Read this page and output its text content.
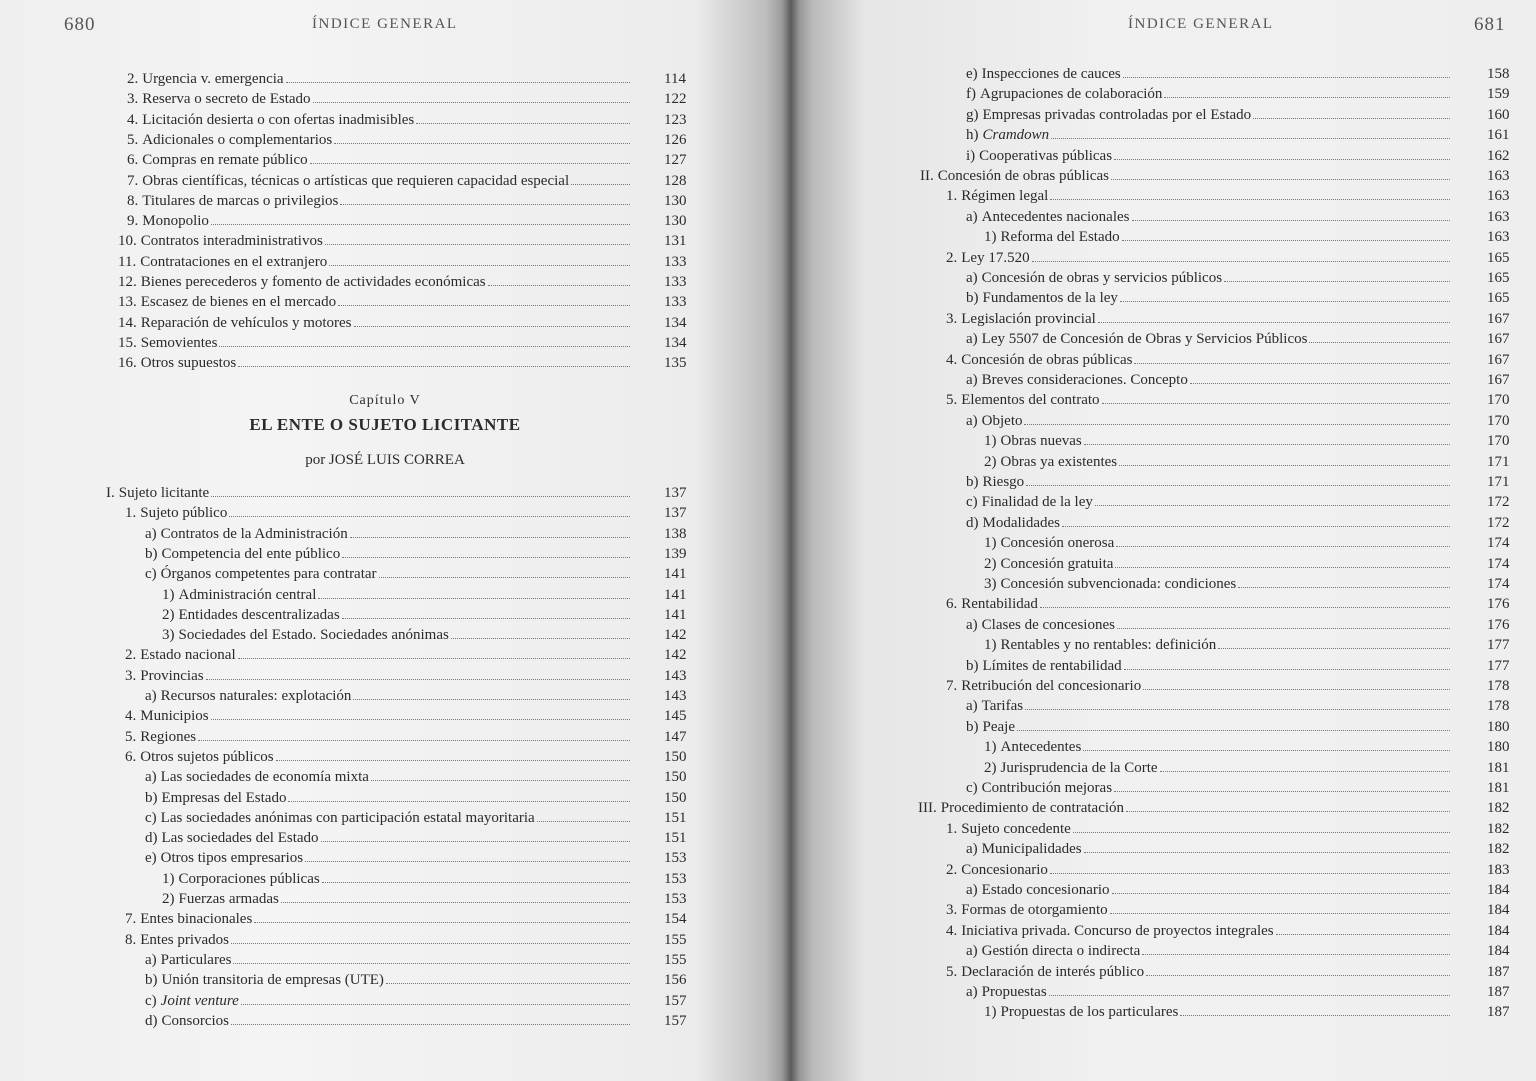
680	ÍNDICE GENERAL
2. Urgencia v. emergencia	114
3. Reserva o secreto de Estado	122
4. Licitación desierta o con ofertas inadmisibles	123
5. Adicionales o complementarios	126
6. Compras en remate público	127
7. Obras científicas, técnicas o artísticas que requieren capacidad especial	128
8. Titulares de marcas o privilegios	130
9. Monopolio	130
10. Contratos interadministrativos	131
11. Contrataciones en el extranjero	133
12. Bienes perecederos y fomento de actividades económicas	133
13. Escasez de bienes en el mercado	133
14. Reparación de vehículos y motores	134
15. Semovientes	134
16. Otros supuestos	135
Capítulo V
EL ENTE O SUJETO LICITANTE
por JOSÉ LUIS CORREA
I. Sujeto licitante	137
1. Sujeto público	137
a) Contratos de la Administración	138
b) Competencia del ente público	139
c) Órganos competentes para contratar	141
1) Administración central	141
2) Entidades descentralizadas	141
3) Sociedades del Estado. Sociedades anónimas	142
2. Estado nacional	142
3. Provincias	143
a) Recursos naturales: explotación	143
4. Municipios	145
5. Regiones	147
6. Otros sujetos públicos	150
a) Las sociedades de economía mixta	150
b) Empresas del Estado	150
c) Las sociedades anónimas con participación estatal mayoritaria	151
d) Las sociedades del Estado	151
e) Otros tipos empresarios	153
1) Corporaciones públicas	153
2) Fuerzas armadas	153
7. Entes binacionales	154
8. Entes privados	155
a) Particulares	155
b) Unión transitoria de empresas (UTE)	156
c) Joint venture	157
d) Consorcios	157
ÍNDICE GENERAL	681
e) Inspecciones de cauces	158
f) Agrupaciones de colaboración	159
g) Empresas privadas controladas por el Estado	160
h) Cramdown	161
i) Cooperativas públicas	162
II. Concesión de obras públicas	163
1. Régimen legal	163
a) Antecedentes nacionales	163
1) Reforma del Estado	163
2. Ley 17.520	165
a) Concesión de obras y servicios públicos	165
b) Fundamentos de la ley	165
3. Legislación provincial	167
a) Ley 5507 de Concesión de Obras y Servicios Públicos	167
4. Concesión de obras públicas	167
a) Breves consideraciones. Concepto	167
5. Elementos del contrato	170
a) Objeto	170
1) Obras nuevas	170
2) Obras ya existentes	171
b) Riesgo	171
c) Finalidad de la ley	172
d) Modalidades	172
1) Concesión onerosa	174
2) Concesión gratuita	174
3) Concesión subvencionada: condiciones	174
6. Rentabilidad	176
a) Clases de concesiones	176
1) Rentables y no rentables: definición	177
b) Límites de rentabilidad	177
7. Retribución del concesionario	178
a) Tarifas	178
b) Peaje	180
1) Antecedentes	180
2) Jurisprudencia de la Corte	181
c) Contribución mejoras	181
III. Procedimiento de contratación	182
1. Sujeto concedente	182
a) Municipalidades	182
2. Concesionario	183
a) Estado concesionario	184
3. Formas de otorgamiento	184
4. Iniciativa privada. Concurso de proyectos integrales	184
a) Gestión directa o indirecta	184
5. Declaración de interés público	187
a) Propuestas	187
1) Propuestas de los particulares	187
